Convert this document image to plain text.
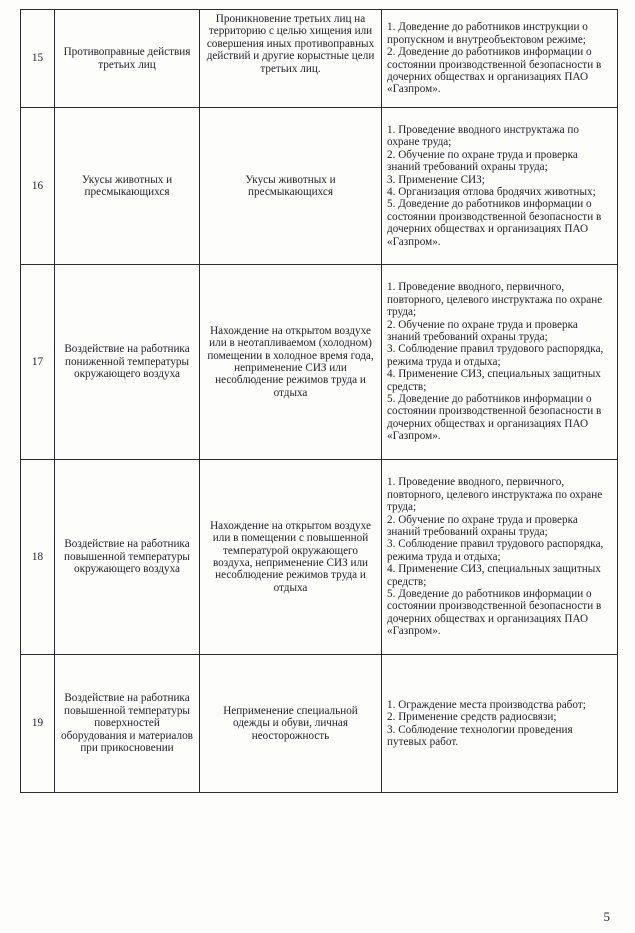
15	Противоправные действия третьих лиц	Проникновение третьих лиц на территорию с целью хищения или совершения иных противоправных действий и другие корыстные цели третьих лиц.	1. Доведение до работников инструкции о пропускном и внутреобъектовом режиме;
2. Доведение до работников информации о состоянии производственной безопасности в дочерних обществах и организациях ПАО «Газпром».

16	Укусы животных и пресмыкающихся	Укусы животных и пресмыкающихся	1. Проведение вводного инструктажа по охране труда;
2. Обучение по охране труда и проверка знаний требований охраны труда;
3. Применение СИЗ;
4. Организация отлова бродячих животных;
5. Доведение до работников информации о состоянии производственной безопасности в дочерних обществах и организациях ПАО «Газпром».

17	Воздействие на работника пониженной температуры окружающего воздуха	Нахождение на открытом воздухе или в неотапливаемом (холодном) помещении в холодное время года, неприменение СИЗ или несоблюдение режимов труда и отдыха	1. Проведение вводного, первичного, повторного, целевого инструктажа по охране труда;
2. Обучение по охране труда и проверка знаний требований охраны труда;
3. Соблюдение правил трудового распорядка, режима труда и отдыха;
4. Применение СИЗ, специальных защитных средств;
5. Доведение до работников информации о состоянии производственной безопасности в дочерних обществах и организациях ПАО «Газпром».

18	Воздействие на работника повышенной температуры окружающего воздуха	Нахождение на открытом воздухе или в помещении с повышенной температурой окружающего воздуха, неприменение СИЗ или несоблюдение режимов труда и отдыха	1. Проведение вводного, первичного, повторного, целевого инструктажа по охране труда;
2. Обучение по охране труда и проверка знаний требований охраны труда;
3. Соблюдение правил трудового распорядка, режима труда и отдыха;
4. Применение СИЗ, специальных защитных средств;
5. Доведение до работников информации о состоянии производственной безопасности в дочерних обществах и организациях ПАО «Газпром».

19	Воздействие на работника повышенной температуры поверхностей оборудования и материалов при прикосновении	Неприменение специальной одежды и обуви, личная неосторожность	1. Ограждение места производства работ;
2. Применение средств радиосвязи;
3. Соблюдение технологии проведения путевых работ.
5
